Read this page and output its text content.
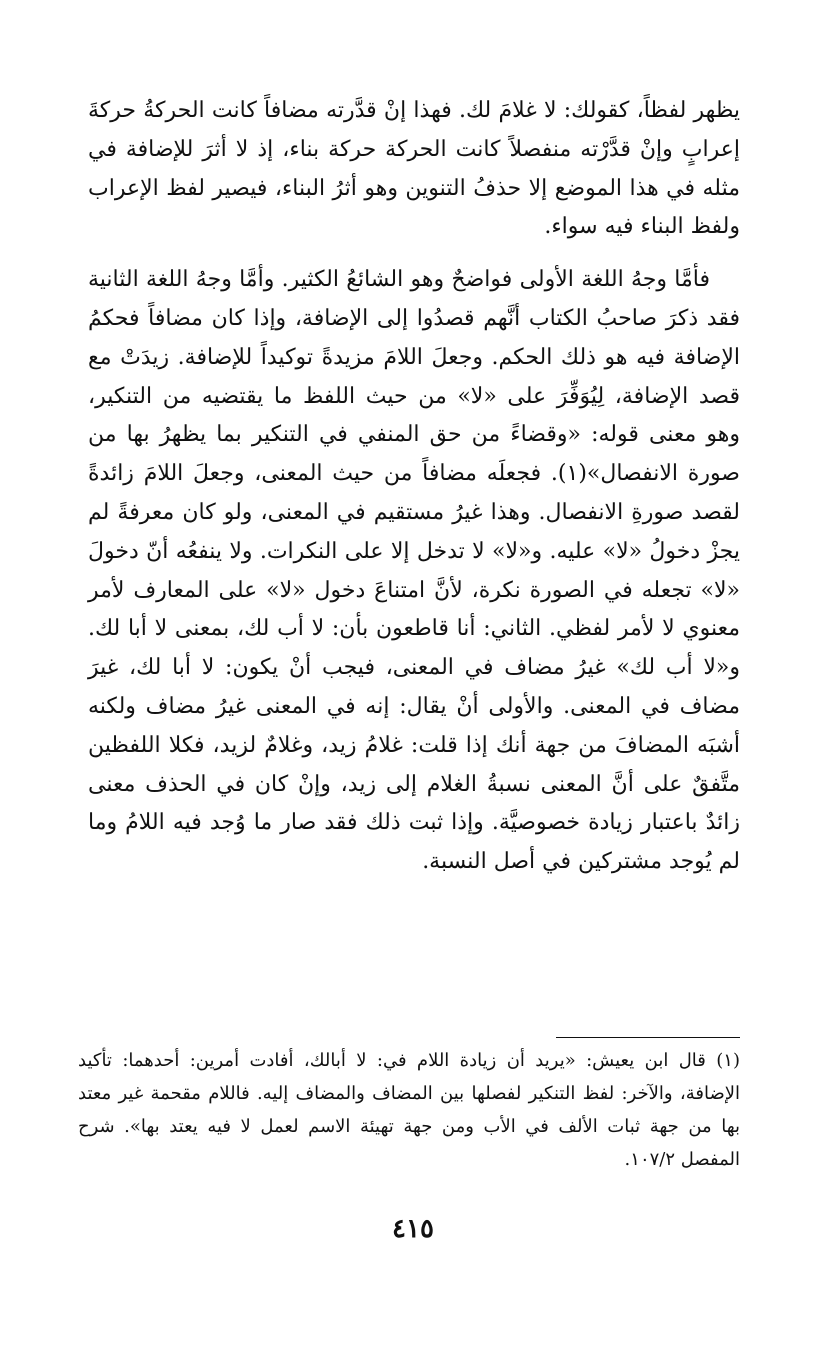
يظهر لفظاً، كقولك: لا غلامَ لك. فهذا إنْ قدَّرته مضافاً كانت الحركةُ حركةَ إعرابٍ وإنْ قدَّرْته منفصلاً كانت الحركة حركة بناء، إذ لا أثرَ للإضافة في مثله في هذا الموضع إلا حذفُ التنوين وهو أثرُ البناء، فيصير لفظ الإعراب ولفظ البناء فيه سواء.

فأمَّا وجهُ اللغة الأولى فواضحٌ وهو الشائعُ الكثير. وأمَّا وجهُ اللغة الثانية فقد ذكرَ صاحبُ الكتاب أنَّهم قصدُوا إلى الإضافة، وإذا كان مضافاً فحكمُ الإضافة فيه هو ذلك الحكم. وجعلَ اللامَ مزيدةً توكيداً للإضافة. زيدَتْ مع قصد الإضافة، لِيُوَفِّرَ على «لا» من حيث اللفظ ما يقتضيه من التنكير، وهو معنى قوله: «وقضاءً من حق المنفي في التنكير بما يظهرُ بها من صورة الانفصال»(١). فجعلَه مضافاً من حيث المعنى، وجعلَ اللامَ زائدةً لقصد صورةِ الانفصال. وهذا غيرُ مستقيم في المعنى، ولو كان معرفةً لم يجزْ دخولُ «لا» عليه. و«لا» لا تدخل إلا على النكرات. ولا ينفعُه أنّ دخولَ «لا» تجعله في الصورة نكرة، لأنَّ امتناعَ دخول «لا» على المعارف لأمر معنوي لا لأمر لفظي. الثاني: أنا قاطعون بأن: لا أب لك، بمعنى لا أبا لك. و«لا أب لك» غيرُ مضاف في المعنى، فيجب أنْ يكون: لا أبا لك، غيرَ مضاف في المعنى. والأولى أنْ يقال: إنه في المعنى غيرُ مضاف ولكنه أشبَه المضافَ من جهة أنك إذا قلت: غلامُ زيد، وغلامٌ لزيد، فكلا اللفظين متَّفقٌ على أنَّ المعنى نسبةُ الغلام إلى زيد، وإنْ كان في الحذف معنى زائدٌ باعتبار زيادة خصوصيَّة. وإذا ثبت ذلك فقد صار ما وُجد فيه اللامُ وما لم يُوجد مشتركين في أصل النسبة.

(١) قال ابن يعيش: «يريد أن زيادة اللام في: لا أبالك، أفادت أمرين: أحدهما: تأكيد الإضافة، والآخر: لفظ التنكير لفصلها بين المضاف والمضاف إليه. فاللام مقحمة غير معتد بها من جهة ثبات الألف في الأب ومن جهة تهيئة الاسم لعمل لا فيه يعتد بها». شرح المفصل ١٠٧/٢.
٤١٥
